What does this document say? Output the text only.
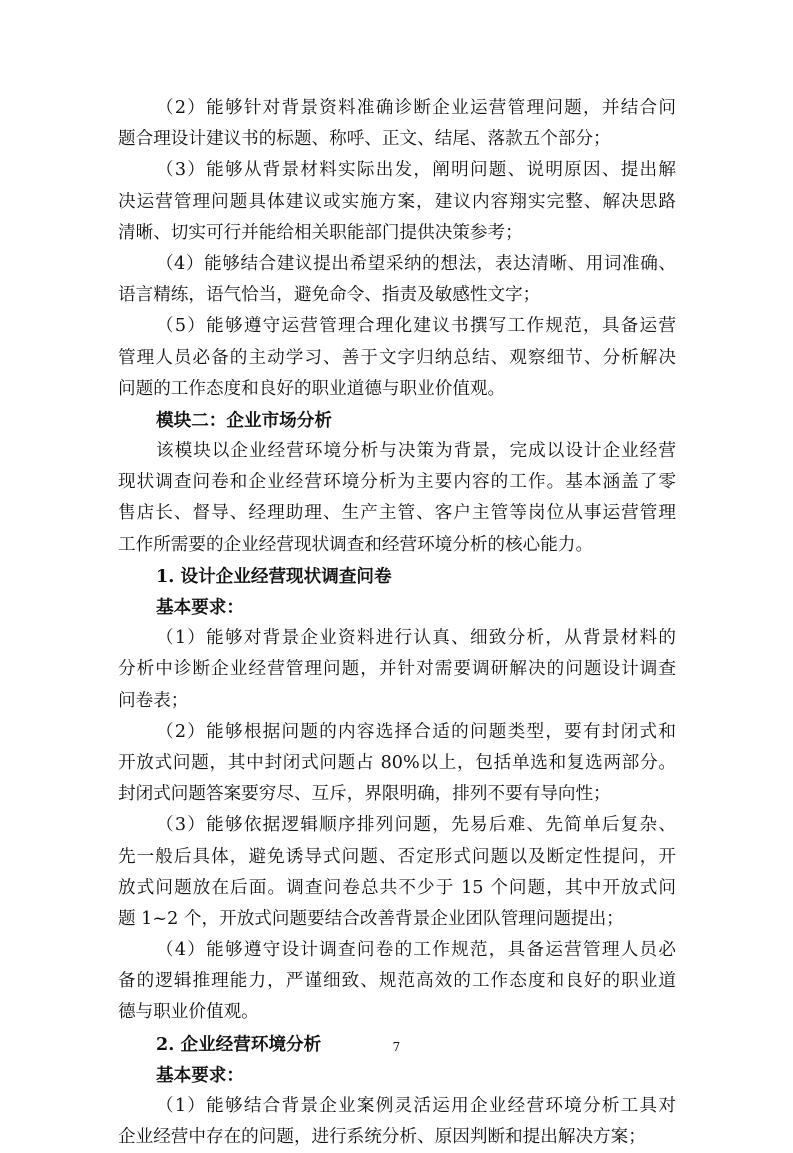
（2）能够针对背景资料准确诊断企业运营管理问题，并结合问
题合理设计建议书的标题、称呼、正文、结尾、落款五个部分；
（3）能够从背景材料实际出发，阐明问题、说明原因、提出解
决运营管理问题具体建议或实施方案，建议内容翔实完整、解决思路
清晰、切实可行并能给相关职能部门提供决策参考；
（4）能够结合建议提出希望采纳的想法，表达清晰、用词准确、
语言精练，语气恰当，避免命令、指责及敏感性文字；
（5）能够遵守运营管理合理化建议书撰写工作规范，具备运营
管理人员必备的主动学习、善于文字归纳总结、观察细节、分析解决
问题的工作态度和良好的职业道德与职业价值观。
模块二：企业市场分析
该模块以企业经营环境分析与决策为背景，完成以设计企业经营
现状调查问卷和企业经营环境分析为主要内容的工作。基本涵盖了零
售店长、督导、经理助理、生产主管、客户主管等岗位从事运营管理
工作所需要的企业经营现状调查和经营环境分析的核心能力。
1. 设计企业经营现状调查问卷
基本要求：
（1）能够对背景企业资料进行认真、细致分析，从背景材料的
分析中诊断企业经营管理问题，并针对需要调研解决的问题设计调查
问卷表；
（2）能够根据问题的内容选择合适的问题类型，要有封闭式和
开放式问题，其中封闭式问题占 80%以上，包括单选和复选两部分。
封闭式问题答案要穷尽、互斥，界限明确，排列不要有导向性；
（3）能够依据逻辑顺序排列问题，先易后难、先简单后复杂、
先一般后具体，避免诱导式问题、否定形式问题以及断定性提问，开
放式问题放在后面。调查问卷总共不少于 15 个问题，其中开放式问
题 1~2 个，开放式问题要结合改善背景企业团队管理问题提出；
（4）能够遵守设计调查问卷的工作规范，具备运营管理人员必
备的逻辑推理能力，严谨细致、规范高效的工作态度和良好的职业道
德与职业价值观。
2. 企业经营环境分析
基本要求：
（1）能够结合背景企业案例灵活运用企业经营环境分析工具对
企业经营中存在的问题，进行系统分析、原因判断和提出解决方案；
7
